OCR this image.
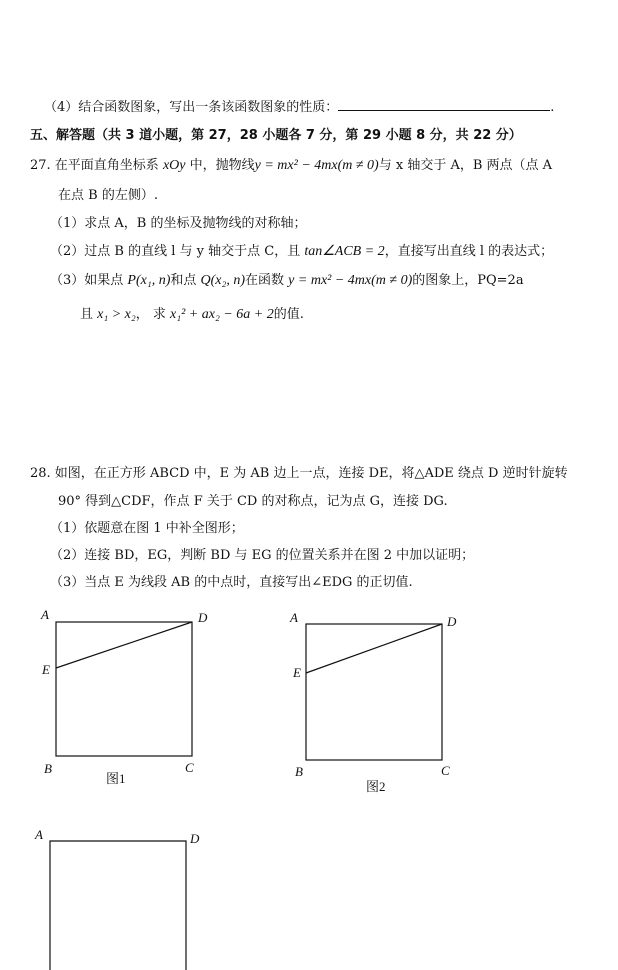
（4）结合函数图象，写出一条该函数图象的性质：	.
五、解答题（共 3 道小题，第 27，28 小题各 7 分，第 29 小题 8 分，共 22 分）
27. 在平面直角坐标系 xOy 中，抛物线y = mx² − 4mx(m ≠ 0)与 x 轴交于 A，B 两点（点 A
在点 B 的左侧）.
（1）求点 A，B 的坐标及抛物线的对称轴；
（2）过点 B 的直线 l 与 y 轴交于点 C，且 tan∠ACB = 2，直接写出直线 l 的表达式；
（3）如果点 P(x₁, n)和点 Q(x₂, n)在函数 y = mx² − 4mx(m ≠ 0)的图象上，PQ=2a
且 x₁ > x₂， 求 x₁² + ax₂ − 6a + 2的值.
28. 如图，在正方形 ABCD 中，E 为 AB 边上一点，连接 DE，将△ADE 绕点 D 逆时针旋转
90° 得到△CDF，作点 F 关于 CD 的对称点，记为点 G，连接 DG.
（1）依题意在图 1 中补全图形；
（2）连接 BD，EG，判断 BD 与 EG 的位置关系并在图 2 中加以证明；
（3）当点 E 为线段 AB 的中点时，直接写出∠EDG 的正切值.
A	D
E
B	C
图1
A	D
E
B	C
图2
A	D
